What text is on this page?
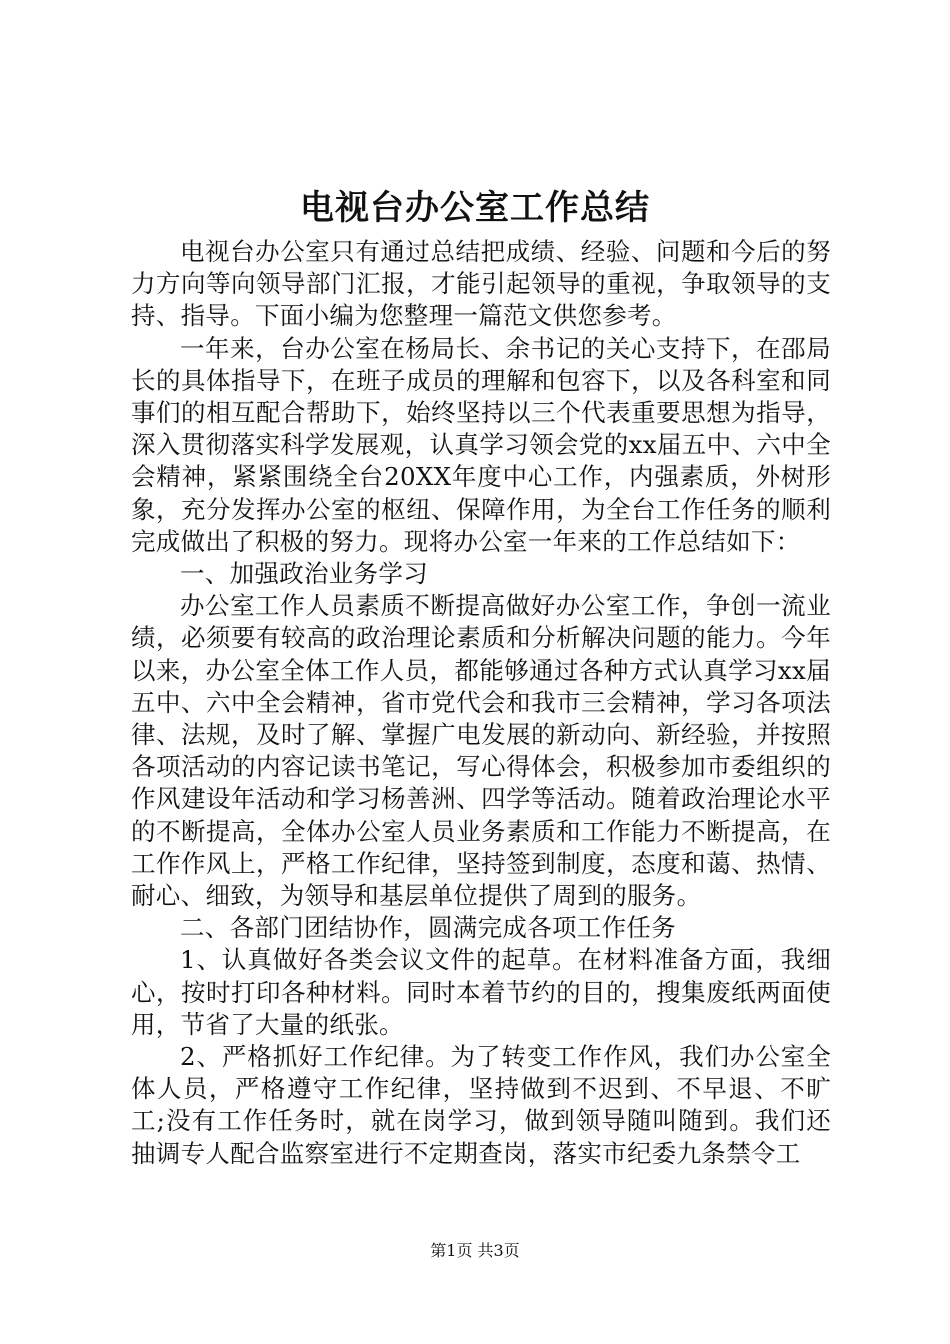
电视台办公室工作总结

电视台办公室只有通过总结把成绩、经验、问题和今后的努力方向等向领导部门汇报，才能引起领导的重视，争取领导的支持、指导。下面小编为您整理一篇范文供您参考。

一年来，台办公室在杨局长、余书记的关心支持下，在邵局长的具体指导下，在班子成员的理解和包容下，以及各科室和同事们的相互配合帮助下，始终坚持以三个代表重要思想为指导，深入贯彻落实科学发展观，认真学习领会党的xx届五中、六中全会精神，紧紧围绕全台20XX年度中心工作，内强素质，外树形象，充分发挥办公室的枢纽、保障作用，为全台工作任务的顺利完成做出了积极的努力。现将办公室一年来的工作总结如下：

一、加强政治业务学习

办公室工作人员素质不断提高做好办公室工作，争创一流业绩，必须要有较高的政治理论素质和分析解决问题的能力。今年以来，办公室全体工作人员，都能够通过各种方式认真学习xx届五中、六中全会精神，省市党代会和我市三会精神，学习各项法律、法规，及时了解、掌握广电发展的新动向、新经验，并按照各项活动的内容记读书笔记，写心得体会，积极参加市委组织的作风建设年活动和学习杨善洲、四学等活动。随着政治理论水平的不断提高，全体办公室人员业务素质和工作能力不断提高，在工作作风上，严格工作纪律，坚持签到制度，态度和蔼、热情、耐心、细致，为领导和基层单位提供了周到的服务。

二、各部门团结协作，圆满完成各项工作任务

1、认真做好各类会议文件的起草。在材料准备方面，我细心，按时打印各种材料。同时本着节约的目的，搜集废纸两面使用，节省了大量的纸张。

2、严格抓好工作纪律。为了转变工作作风，我们办公室全体人员，严格遵守工作纪律，坚持做到不迟到、不早退、不旷工;没有工作任务时，就在岗学习，做到领导随叫随到。我们还抽调专人配合监察室进行不定期查岗，落实市纪委九条禁令工

第1页 共3页
